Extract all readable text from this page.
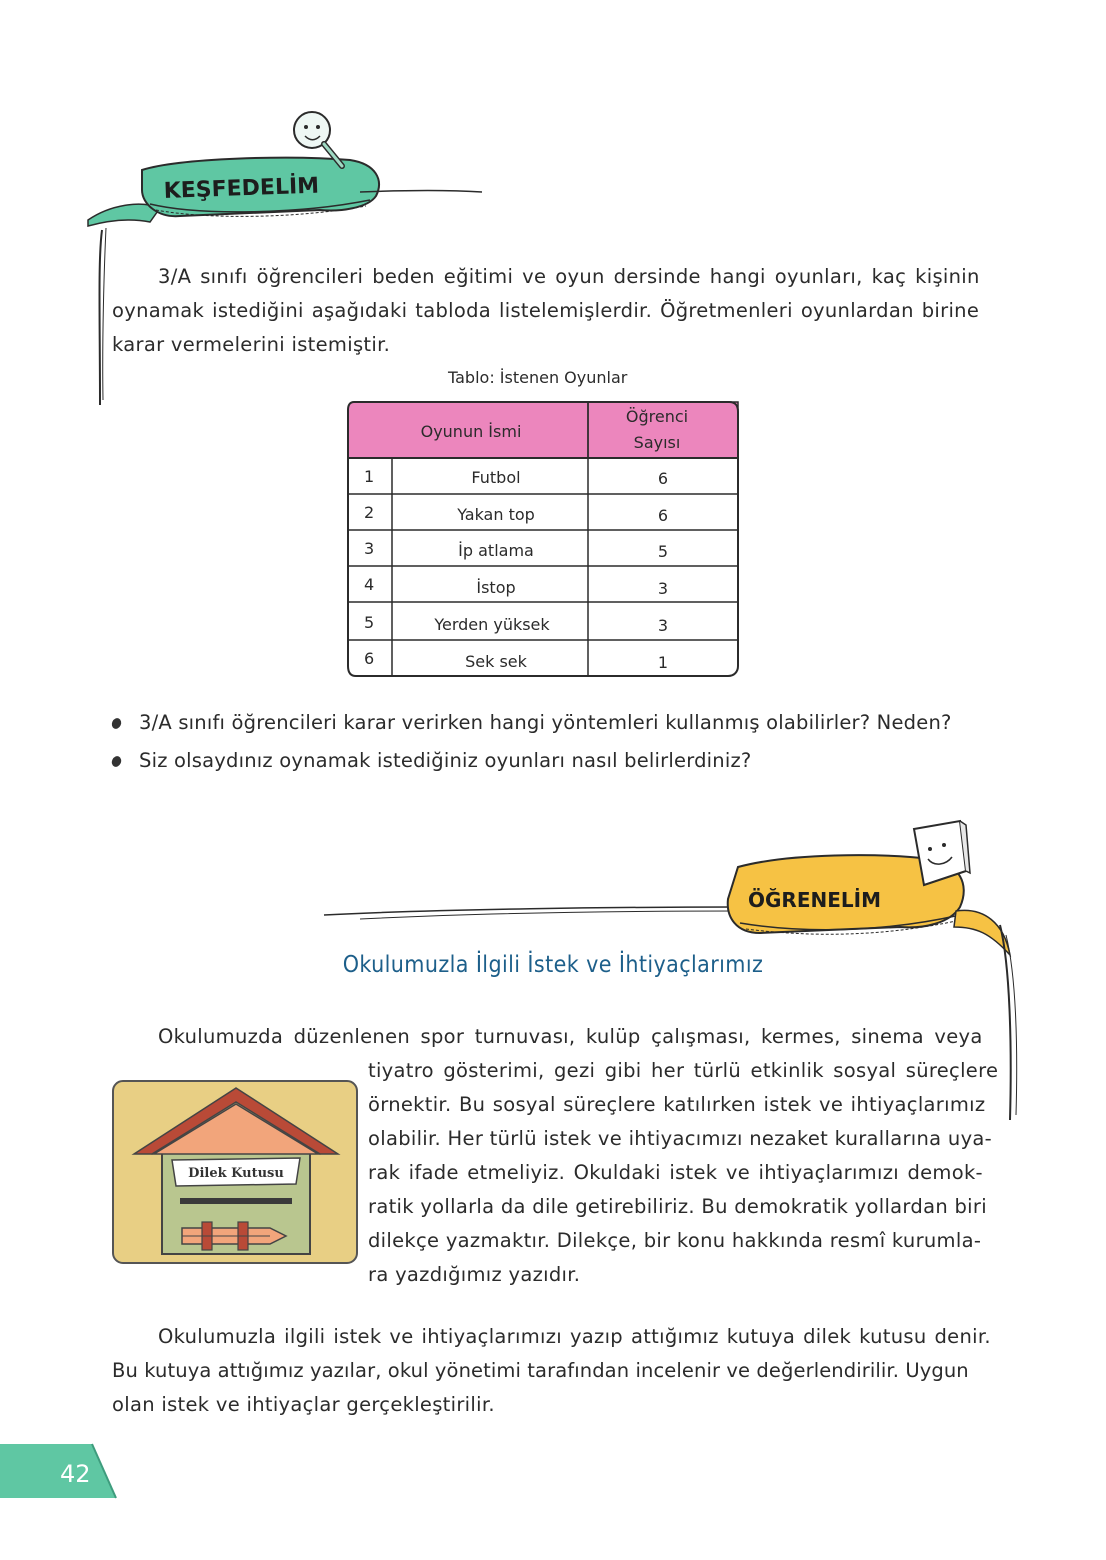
KEŞFEDELİM
3/A sınıfı öğrencileri beden eğitimi ve oyun dersinde hangi oyunları, kaç kişinin
oynamak istediğini aşağıdaki tabloda listelemişlerdir. Öğretmenleri oyunlardan birine
karar vermelerini istemiştir.
Tablo: İstenen Oyunlar
Oyunun İsmi
Öğrenci
Sayısı
1	Futbol	6
2	Yakan top	6
3	İp atlama	5
4	İstop	3
5	Yerden yüksek	3
6	Sek sek	1
3/A sınıfı öğrencileri karar verirken hangi yöntemleri kullanmış olabilirler? Neden?
Siz olsaydınız oynamak istediğiniz oyunları nasıl belirlerdiniz?
ÖĞRENELİM
Okulumuzla İlgili İstek ve İhtiyaçlarımız
Okulumuzda düzenlenen spor turnuvası, kulüp çalışması, kermes, sinema veya
tiyatro gösterimi, gezi gibi her türlü etkinlik sosyal süreçlere
örnektir. Bu sosyal süreçlere katılırken istek ve ihtiyaçlarımız
olabilir. Her türlü istek ve ihtiyacımızı nezaket kurallarına uya-
rak ifade etmeliyiz. Okuldaki istek ve ihtiyaçlarımızı demok-
ratik yollarla da dile getirebiliriz. Bu demokratik yollardan biri
dilekçe yazmaktır. Dilekçe, bir konu hakkında resmî kurumla-
ra yazdığımız yazıdır.
Dilek Kutusu
Okulumuzla ilgili istek ve ihtiyaçlarımızı yazıp attığımız kutuya dilek kutusu denir.
Bu kutuya attığımız yazılar, okul yönetimi tarafından incelenir ve değerlendirilir. Uygun
olan istek ve ihtiyaçlar gerçekleştirilir.
42
